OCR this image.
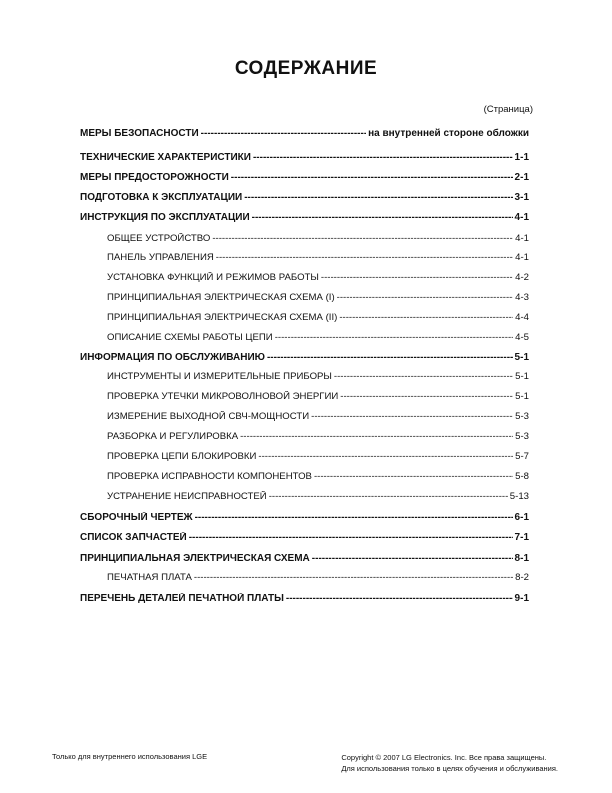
СОДЕРЖАНИЕ
(Страница)
МЕРЫ БЕЗОПАСНОСТИ -----	на внутренней стороне обложки
ТЕХНИЧЕСКИЕ ХАРАКТЕРИСТИКИ -----	1-1
МЕРЫ ПРЕДОСТОРОЖНОСТИ -----	2-1
ПОДГОТОВКА К ЭКСПЛУАТАЦИИ -----	3-1
ИНСТРУКЦИЯ ПО ЭКСПЛУАТАЦИИ -----	4-1
ОБЩЕЕ УСТРОЙСТВО -----	4-1
ПАНЕЛЬ УПРАВЛЕНИЯ -----	4-1
УСТАНОВКА ФУНКЦИЙ И РЕЖИМОВ РАБОТЫ -----	4-2
ПРИНЦИПИАЛЬНАЯ ЭЛЕКТРИЧЕСКАЯ СХЕМА (I) -----	4-3
ПРИНЦИПИАЛЬНАЯ ЭЛЕКТРИЧЕСКАЯ СХЕМА (II) -----	4-4
ОПИСАНИЕ СХЕМЫ РАБОТЫ ЦЕПИ -----	4-5
ИНФОРМАЦИЯ ПО ОБСЛУЖИВАНИЮ -----	5-1
ИНСТРУМЕНТЫ И ИЗМЕРИТЕЛЬНЫЕ ПРИБОРЫ -----	5-1
ПРОВЕРКА УТЕЧКИ МИКРОВОЛНОВОЙ ЭНЕРГИИ -----	5-1
ИЗМЕРЕНИЕ ВЫХОДНОЙ СВЧ-МОЩНОСТИ -----	5-3
РАЗБОРКА И РЕГУЛИРОВКА -----	5-3
ПРОВЕРКА ЦЕПИ БЛОКИРОВКИ -----	5-7
ПРОВЕРКА ИСПРАВНОСТИ КОМПОНЕНТОВ -----	5-8
УСТРАНЕНИЕ НЕИСПРАВНОСТЕЙ -----	5-13
СБОРОЧНЫЙ ЧЕРТЕЖ -----	6-1
СПИСОК ЗАПЧАСТЕЙ -----	7-1
ПРИНЦИПИАЛЬНАЯ ЭЛЕКТРИЧЕСКАЯ СХЕМА -----	8-1
ПЕЧАТНАЯ ПЛАТА -----	8-2
ПЕРЕЧЕНЬ ДЕТАЛЕЙ ПЕЧАТНОЙ ПЛАТЫ -----	9-1
Только для внутреннего использования LGE	Copyright © 2007 LG Electronics. Inc. Все права защищены.
Для использования только в целях обучения и обслуживания.
